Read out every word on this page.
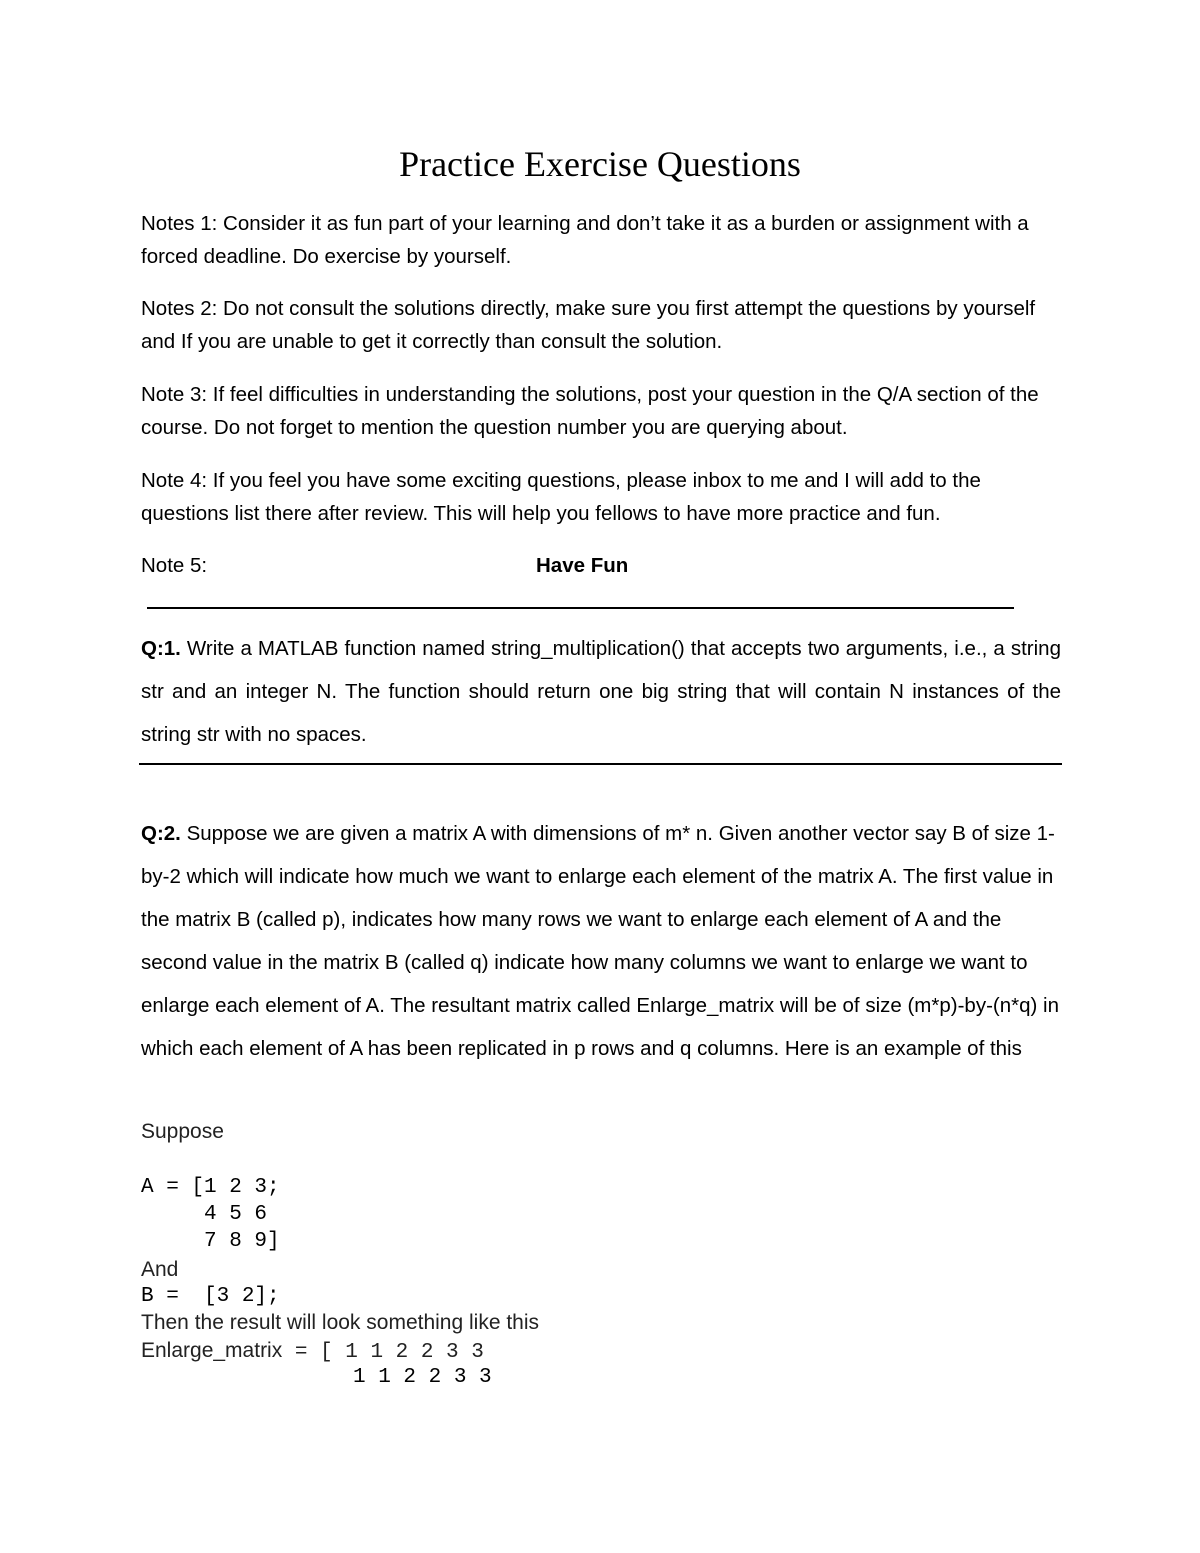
Practice Exercise Questions

Notes 1: Consider it as fun part of your learning and don’t take it as a burden or assignment with a forced deadline. Do exercise by yourself.

Notes 2: Do not consult the solutions directly, make sure you first attempt the questions by yourself and If you are unable to get it correctly than consult the solution.

Note 3: If feel difficulties in understanding the solutions, post your question in the Q/A section of the course. Do not forget to mention the question number you are querying about.

Note 4: If you feel you have some exciting questions, please inbox to me and I will add to the questions list there after review. This will help you fellows to have more practice and fun.

Note 5:	Have Fun

Q:1. Write a MATLAB function named string_multiplication() that accepts two arguments, i.e., a string str and an integer N. The function should return one big string that will contain N instances of the string str with no spaces.

Q:2. Suppose we are given a matrix A with dimensions of m* n. Given another vector say B of size 1-by-2 which will indicate how much we want to enlarge each element of the matrix A. The first value in the matrix B (called p), indicates how many rows we want to enlarge each element of A and the second value in the matrix B (called q) indicate how many columns we want to enlarge we want to enlarge each element of A. The resultant matrix called Enlarge_matrix will be of size (m*p)-by-(n*q) in which each element of A has been replicated in p rows and q columns. Here is an example of this

Suppose

A = [1 2 3;

4 5 6

7 8 9]

And

B =  [3 2];

Then the result will look something like this

Enlarge_matrix = [ 1 1 2 2 3 3

1 1 2 2 3 3
